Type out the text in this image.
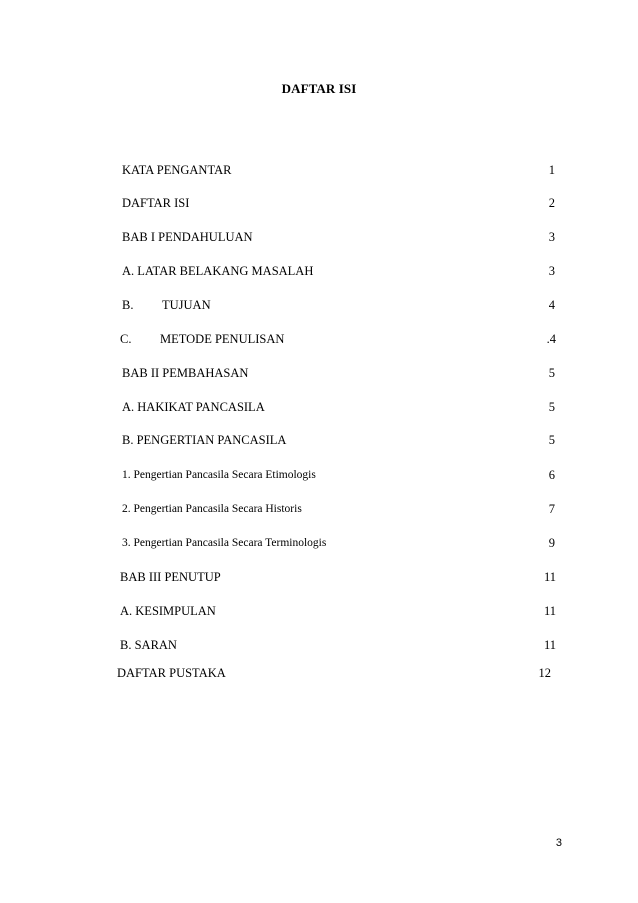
DAFTAR ISI
KATA PENGANTAR	1
DAFTAR ISI	2
BAB I PENDAHULUAN	3
A. LATAR BELAKANG MASALAH	3
B. TUJUAN	4
C. METODE PENULISAN	.4
BAB II PEMBAHASAN	5
A. HAKIKAT PANCASILA	5
B. PENGERTIAN PANCASILA	5
1. Pengertian Pancasila Secara Etimologis	6
2. Pengertian Pancasila Secara Historis	7
3. Pengertian Pancasila Secara Terminologis	9
BAB III PENUTUP	11
A. KESIMPULAN	11
B. SARAN	11
DAFTAR PUSTAKA	12
3
